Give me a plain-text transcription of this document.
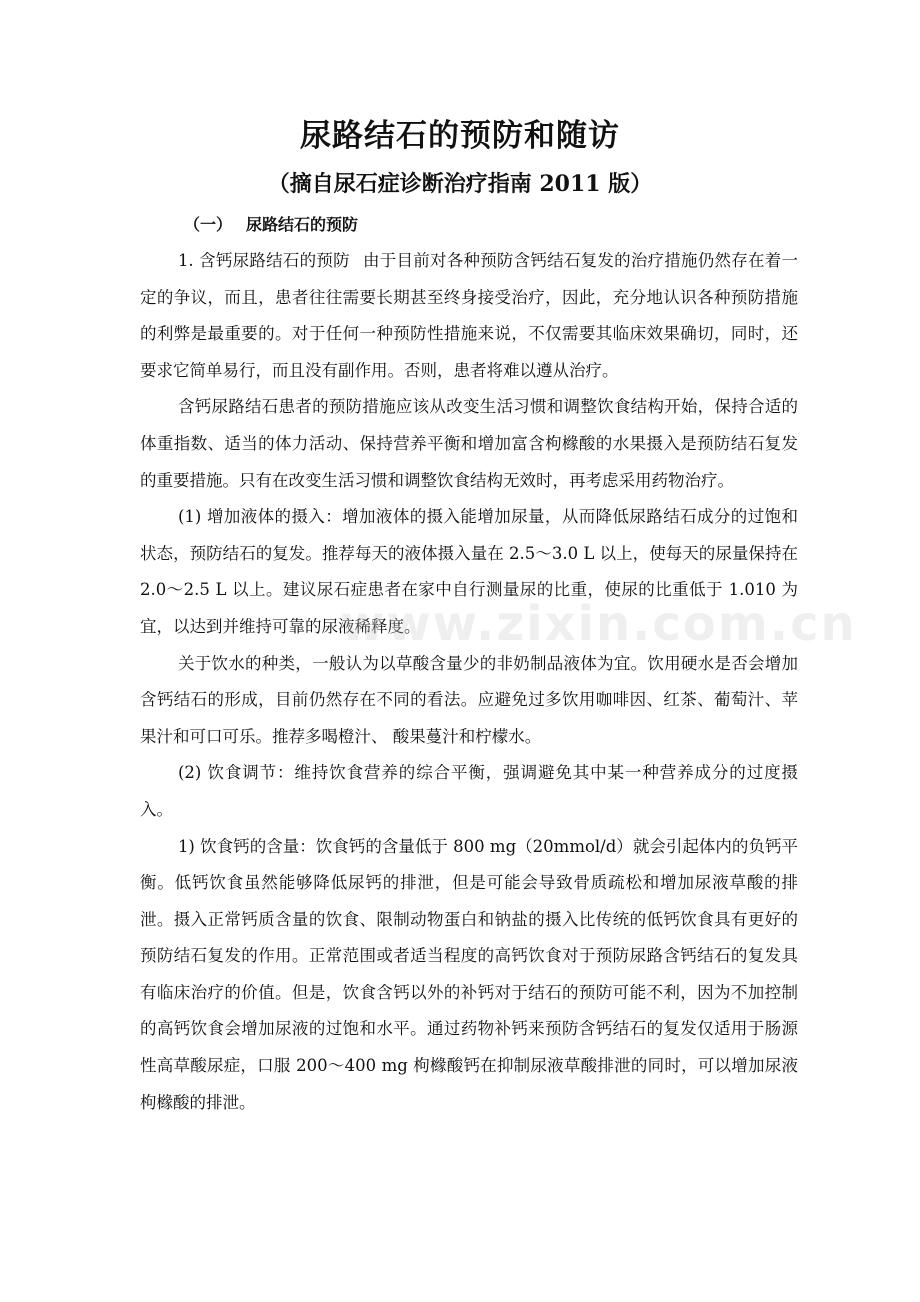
尿路结石的预防和随访
（摘自尿石症诊断治疗指南 2011 版）
（一） 尿路结石的预防

1. 含钙尿路结石的预防 由于目前对各种预防含钙结石复发的治疗措施仍然存在着一定的争议，而且，患者往往需要长期甚至终身接受治疗，因此，充分地认识各种预防措施的利弊是最重要的。对于任何一种预防性措施来说，不仅需要其临床效果确切，同时，还要求它简单易行，而且没有副作用。否则，患者将难以遵从治疗。

含钙尿路结石患者的预防措施应该从改变生活习惯和调整饮食结构开始，保持合适的体重指数、适当的体力活动、保持营养平衡和增加富含枸橼酸的水果摄入是预防结石复发的重要措施。只有在改变生活习惯和调整饮食结构无效时，再考虑采用药物治疗。

(1) 增加液体的摄入：增加液体的摄入能增加尿量，从而降低尿路结石成分的过饱和状态，预防结石的复发。推荐每天的液体摄入量在 2.5～3.0 L 以上，使每天的尿量保持在 2.0～2.5 L 以上。建议尿石症患者在家中自行测量尿的比重，使尿的比重低于 1.010 为宜，以达到并维持可靠的尿液稀释度。

关于饮水的种类，一般认为以草酸含量少的非奶制品液体为宜。饮用硬水是否会增加含钙结石的形成，目前仍然存在不同的看法。应避免过多饮用咖啡因、红茶、葡萄汁、苹果汁和可口可乐。推荐多喝橙汁、 酸果蔓汁和柠檬水。

(2) 饮食调节：维持饮食营养的综合平衡，强调避免其中某一种营养成分的过度摄入。

1) 饮食钙的含量：饮食钙的含量低于 800 mg（20mmol/d）就会引起体内的负钙平衡。低钙饮食虽然能够降低尿钙的排泄，但是可能会导致骨质疏松和增加尿液草酸的排泄。摄入正常钙质含量的饮食、限制动物蛋白和钠盐的摄入比传统的低钙饮食具有更好的预防结石复发的作用。正常范围或者适当程度的高钙饮食对于预防尿路含钙结石的复发具有临床治疗的价值。但是，饮食含钙以外的补钙对于结石的预防可能不利，因为不加控制的高钙饮食会增加尿液的过饱和水平。通过药物补钙来预防含钙结石的复发仅适用于肠源性高草酸尿症，口服 200～400 mg 枸橼酸钙在抑制尿液草酸排泄的同时，可以增加尿液枸橼酸的排泄。

www.zixin.com.cn
